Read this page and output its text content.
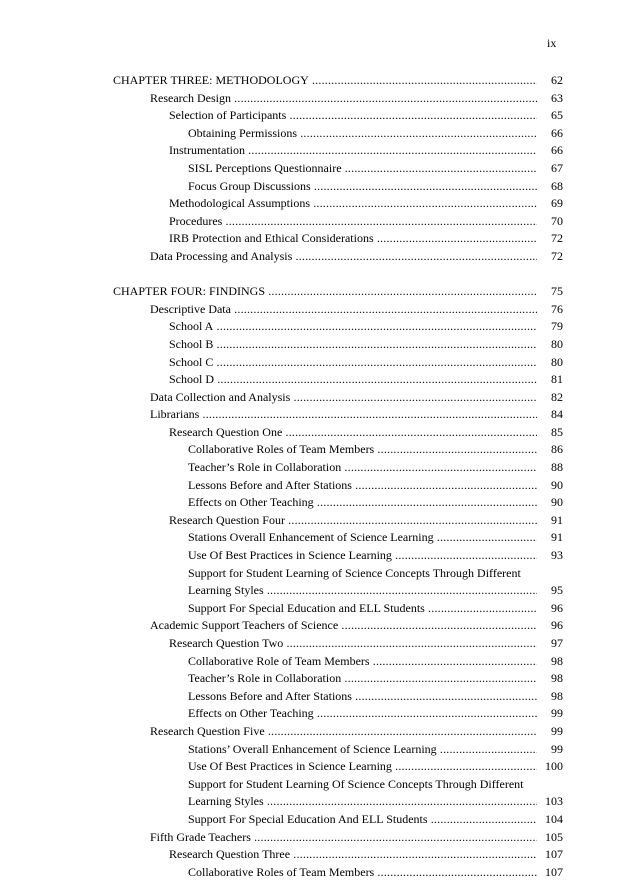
ix
CHAPTER THREE: METHODOLOGY .....	62
Research Design .....	63
Selection of Participants .....	65
Obtaining Permissions .....	66
Instrumentation .....	66
SISL Perceptions Questionnaire .....	67
Focus Group Discussions .....	68
Methodological Assumptions .....	69
Procedures .....	70
IRB Protection and Ethical Considerations .....	72
Data Processing and Analysis .....	72
CHAPTER FOUR: FINDINGS .....	75
Descriptive Data .....	76
School A .....	79
School B .....	80
School C .....	80
School D .....	81
Data Collection and Analysis .....	82
Librarians .....	84
Research Question One .....	85
Collaborative Roles of Team Members .....	86
Teacher’s Role in Collaboration .....	88
Lessons Before and After Stations .....	90
Effects on Other Teaching .....	90
Research Question Four .....	91
Stations Overall Enhancement of Science Learning .....	91
Use Of Best Practices in Science Learning .....	93
Support for Student Learning of Science Concepts Through Different
Learning Styles .....	95
Support For Special Education and ELL Students .....	96
Academic Support Teachers of Science .....	96
Research Question Two .....	97
Collaborative Role of Team Members .....	98
Teacher’s Role in Collaboration .....	98
Lessons Before and After Stations .....	98
Effects on Other Teaching .....	99
Research Question Five .....	99
Stations’ Overall Enhancement of Science Learning .....	99
Use Of Best Practices in Science Learning .....	100
Support for Student Learning Of Science Concepts Through Different
Learning Styles .....	103
Support For Special Education And ELL Students .....	104
Fifth Grade Teachers .....	105
Research Question Three .....	107
Collaborative Roles of Team Members .....	107
